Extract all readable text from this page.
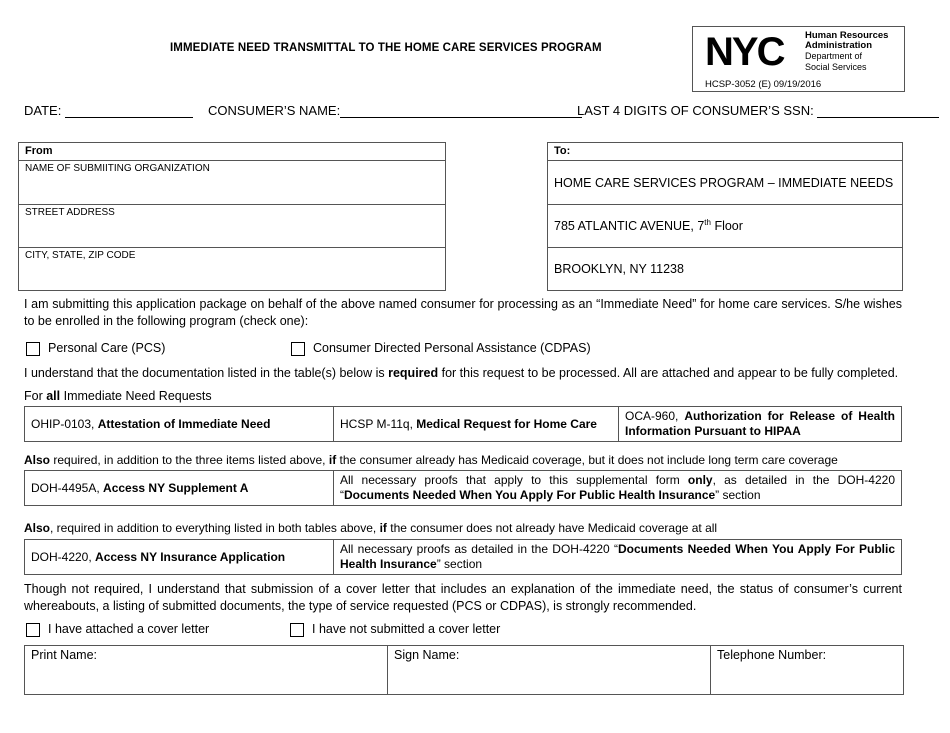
IMMEDIATE NEED TRANSMITTAL TO THE HOME CARE SERVICES PROGRAM	NYC Human Resources
Administration
Department of
Social Services
HCSP-3052 (E) 09/19/2016
DATE:	CONSUMER’S NAME:	LAST 4 DIGITS OF CONSUMER’S SSN:
From
NAME OF SUBMIITING ORGANIZATION
STREET ADDRESS
CITY, STATE, ZIP CODE
To:
HOME CARE SERVICES PROGRAM – IMMEDIATE NEEDS
785 ATLANTIC AVENUE, 7th Floor
BROOKLYN, NY 11238
I am submitting this application package on behalf of the above named consumer for processing as an “Immediate Need” for home care services. S/he wishes to be enrolled in the following program (check one):
Personal Care (PCS)	Consumer Directed Personal Assistance (CDPAS)
I understand that the documentation listed in the table(s) below is required for this request to be processed. All are attached and appear to be fully completed.
For all Immediate Need Requests
OHIP-0103, Attestation of Immediate Need	HCSP M-11q, Medical Request for Home Care	OCA-960, Authorization for Release of Health Information Pursuant to HIPAA
Also required, in addition to the three items listed above, if the consumer already has Medicaid coverage, but it does not include long term care coverage
DOH-4495A, Access NY Supplement A	All necessary proofs that apply to this supplemental form only, as detailed in the DOH-4220 “Documents Needed When You Apply For Public Health Insurance” section
Also, required in addition to everything listed in both tables above, if the consumer does not already have Medicaid coverage at all
DOH-4220, Access NY Insurance Application	All necessary proofs as detailed in the DOH-4220 “Documents Needed When You Apply For Public Health Insurance” section
Though not required, I understand that submission of a cover letter that includes an explanation of the immediate need, the status of consumer’s current whereabouts, a listing of submitted documents, the type of service requested (PCS or CDPAS), is strongly recommended.
I have attached a cover letter	I have not submitted a cover letter
Print Name:	Sign Name:	Telephone Number:
